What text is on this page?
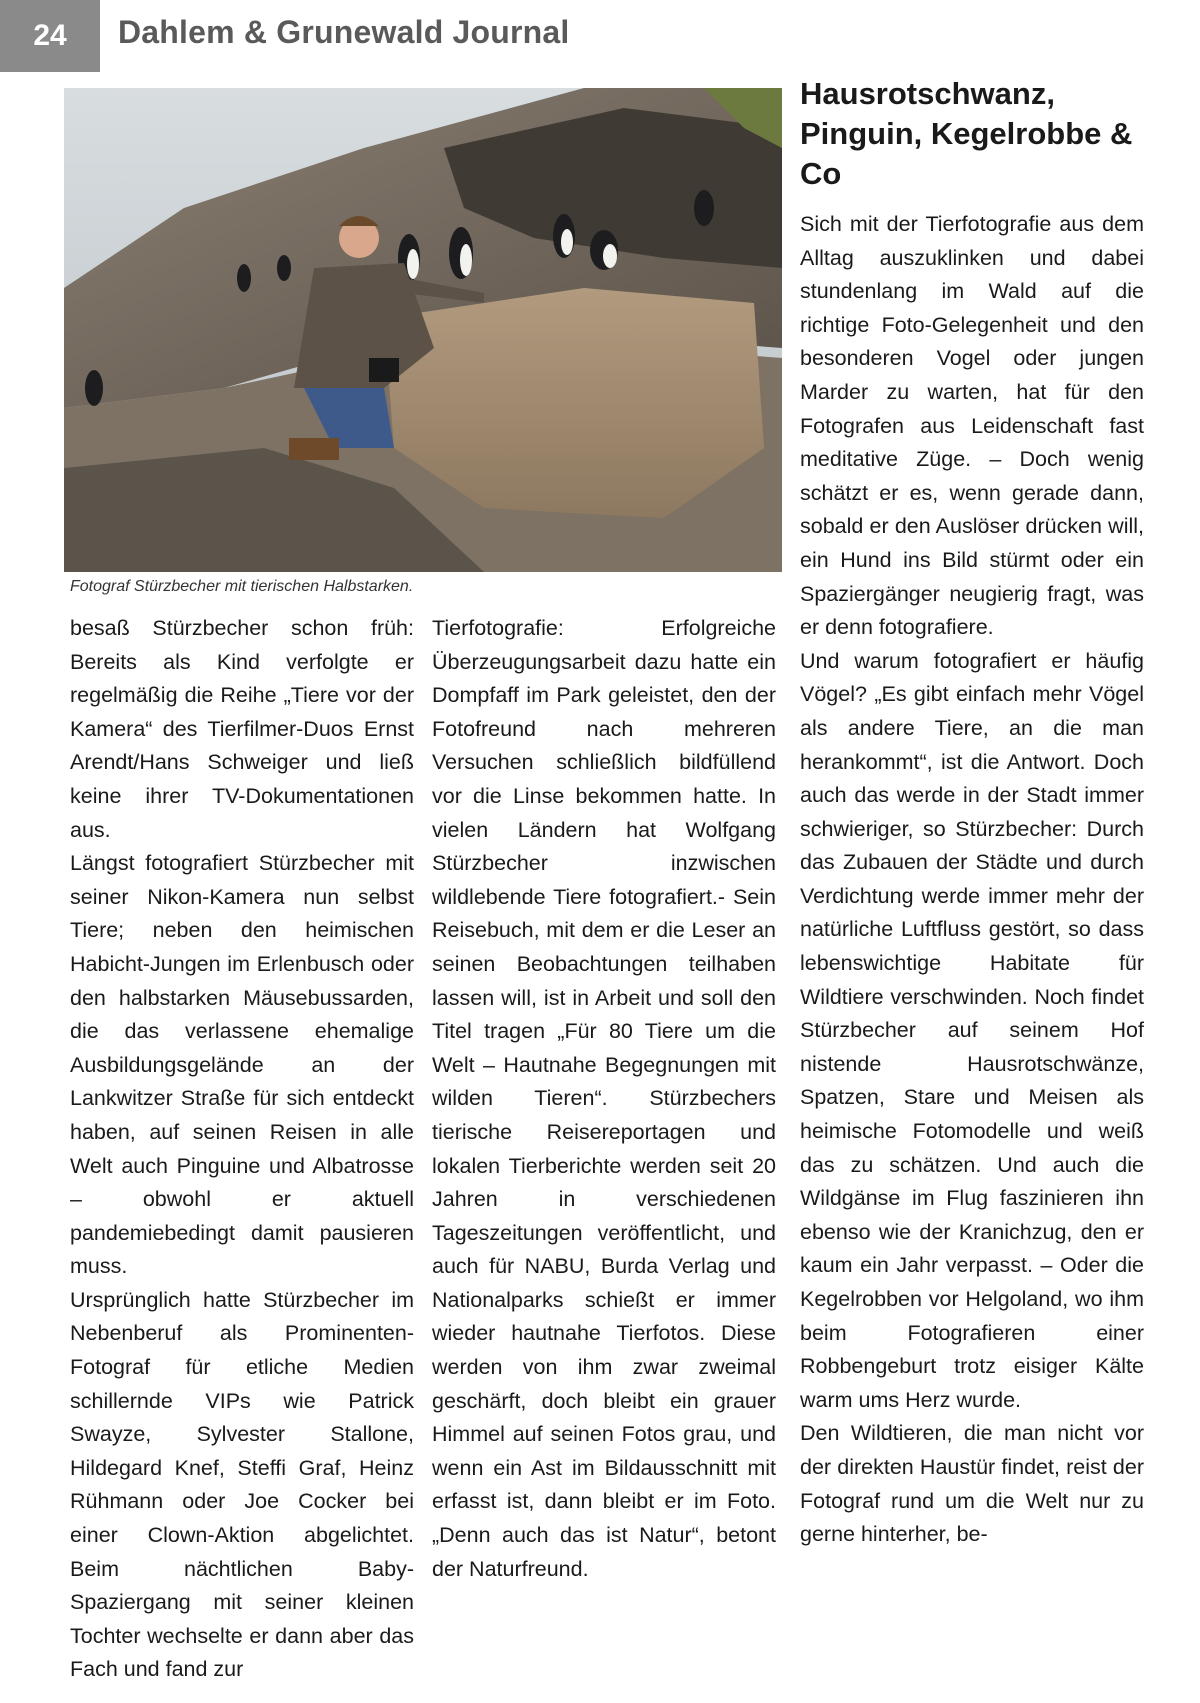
24	Dahlem & Grunewald Journal
Fotograf Stürzbecher mit tierischen Halbstarken.
Hausrotschwanz, Pinguin, Kegelrobbe & Co

besaß Stürzbecher schon früh: Bereits als Kind verfolgte er regelmäßig die Reihe „Tiere vor der Kamera“ des Tierfilmer-Duos Ernst Arendt/Hans Schweiger und ließ keine ihrer TV-Dokumentationen aus.

Längst fotografiert Stürzbecher mit seiner Nikon-Kamera nun selbst Tiere; neben den heimischen Habicht-Jungen im Erlenbusch oder den halbstarken Mäusebussarden, die das verlassene ehemalige Ausbildungsgelände an der Lankwitzer Straße für sich entdeckt haben, auf seinen Reisen in alle Welt auch Pinguine und Albatrosse – obwohl er aktuell pandemiebedingt damit pausieren muss.

Ursprünglich hatte Stürzbecher im Nebenberuf als Prominenten-Fotograf für etliche Medien schillernde VIPs wie Patrick Swayze, Sylvester Stallone, Hildegard Knef, Steffi Graf, Heinz Rühmann oder Joe Cocker bei einer Clown-Aktion abgelichtet. Beim nächtlichen Baby-Spaziergang mit seiner kleinen Tochter wechselte er dann aber das Fach und fand zur

Tierfotografie: Erfolgreiche Überzeugungsarbeit dazu hatte ein Dompfaff im Park geleistet, den der Fotofreund nach mehreren Versuchen schließlich bildfüllend vor die Linse bekommen hatte. In vielen Ländern hat Wolfgang Stürzbecher inzwischen wildlebende Tiere fotografiert.- Sein Reisebuch, mit dem er die Leser an seinen Beobachtungen teilhaben lassen will, ist in Arbeit und soll den Titel tragen „Für 80 Tiere um die Welt – Hautnahe Begegnungen mit wilden Tieren“. Stürzbechers tierische Reisereportagen und lokalen Tierberichte werden seit 20 Jahren in verschiedenen Tageszeitungen veröffentlicht, und auch für NABU, Burda Verlag und Nationalparks schießt er immer wieder hautnahe Tierfotos. Diese werden von ihm zwar zweimal geschärft, doch bleibt ein grauer Himmel auf seinen Fotos grau, und wenn ein Ast im Bildausschnitt mit erfasst ist, dann bleibt er im Foto. „Denn auch das ist Natur“, betont der Naturfreund.

Sich mit der Tierfotografie aus dem Alltag auszuklinken und dabei stundenlang im Wald auf die richtige Foto-Gelegenheit und den besonderen Vogel oder jungen Marder zu warten, hat für den Fotografen aus Leidenschaft fast meditative Züge. – Doch wenig schätzt er es, wenn gerade dann, sobald er den Auslöser drücken will, ein Hund ins Bild stürmt oder ein Spaziergänger neugierig fragt, was er denn fotografiere.

Und warum fotografiert er häufig Vögel? „Es gibt einfach mehr Vögel als andere Tiere, an die man herankommt“, ist die Antwort. Doch auch das werde in der Stadt immer schwieriger, so Stürzbecher: Durch das Zubauen der Städte und durch Verdichtung werde immer mehr der natürliche Luftfluss gestört, so dass lebenswichtige Habitate für Wildtiere verschwinden. Noch findet Stürzbecher auf seinem Hof nistende Hausrotschwänze, Spatzen, Stare und Meisen als heimische Fotomodelle und weiß das zu schätzen. Und auch die Wildgänse im Flug faszinieren ihn ebenso wie der Kranichzug, den er kaum ein Jahr verpasst. – Oder die Kegelrobben vor Helgoland, wo ihm beim Fotografieren einer Robbengeburt trotz eisiger Kälte warm ums Herz wurde.

Den Wildtieren, die man nicht vor der direkten Haustür findet, reist der Fotograf rund um die Welt nur zu gerne hinterher, be-
